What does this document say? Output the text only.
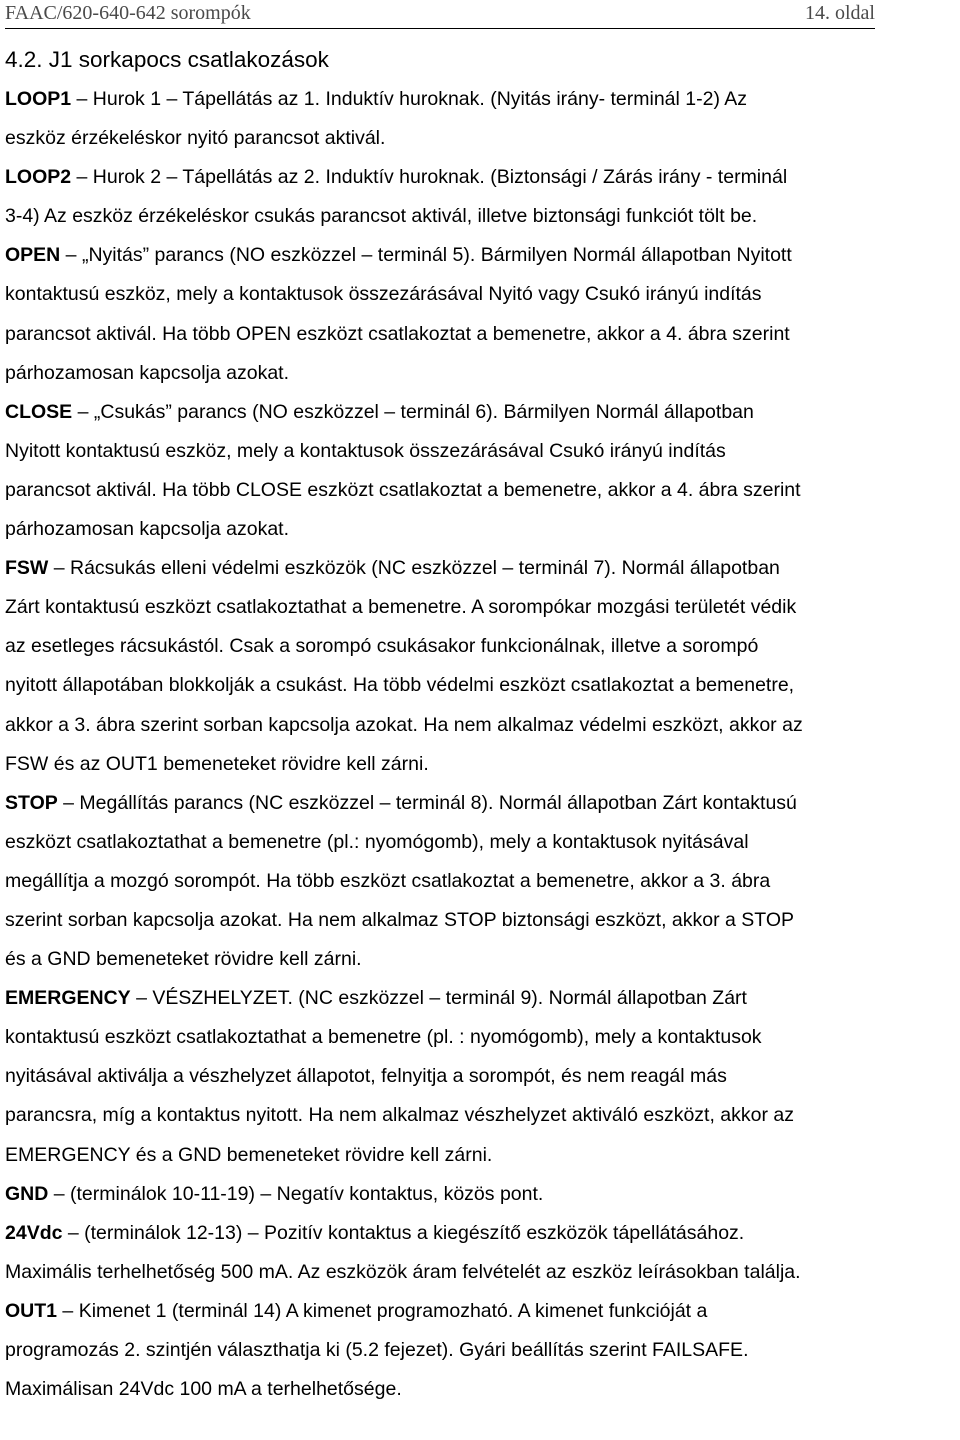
FAAC/620-640-642 sorompók	14. oldal
4.2. J1 sorkapocs csatlakozások
LOOP1 – Hurok 1 – Tápellátás az 1. Induktív huroknak. (Nyitás irány- terminál 1-2) Az
eszköz érzékeléskor nyitó parancsot aktivál.
LOOP2 – Hurok 2 – Tápellátás az 2. Induktív huroknak. (Biztonsági / Zárás irány - terminál
3-4) Az eszköz érzékeléskor csukás parancsot aktivál, illetve biztonsági funkciót tölt be.
OPEN – „Nyitás” parancs (NO eszközzel – terminál 5). Bármilyen Normál állapotban Nyitott
kontaktusú eszköz, mely a kontaktusok összezárásával Nyitó vagy Csukó irányú indítás
parancsot aktivál. Ha több OPEN eszközt csatlakoztat a bemenetre, akkor a 4. ábra szerint
párhozamosan kapcsolja azokat.
CLOSE – „Csukás” parancs (NO eszközzel – terminál 6). Bármilyen Normál állapotban
Nyitott kontaktusú eszköz, mely a kontaktusok összezárásával Csukó irányú indítás
parancsot aktivál. Ha több CLOSE eszközt csatlakoztat a bemenetre, akkor a 4. ábra szerint
párhozamosan kapcsolja azokat.
FSW – Rácsukás elleni védelmi eszközök (NC eszközzel – terminál 7). Normál állapotban
Zárt kontaktusú eszközt csatlakoztathat a bemenetre. A sorompókar mozgási területét védik
az esetleges rácsukástól. Csak a sorompó csukásakor funkcionálnak, illetve a sorompó
nyitott állapotában blokkolják a csukást. Ha több védelmi eszközt csatlakoztat a bemenetre,
akkor a 3. ábra szerint sorban kapcsolja azokat. Ha nem alkalmaz védelmi eszközt, akkor az
FSW és az OUT1 bemeneteket rövidre kell zárni.
STOP – Megállítás parancs (NC eszközzel – terminál 8). Normál állapotban Zárt kontaktusú
eszközt csatlakoztathat a bemenetre (pl.: nyomógomb), mely a kontaktusok nyitásával
megállítja a mozgó sorompót. Ha több eszközt csatlakoztat a bemenetre, akkor a 3. ábra
szerint sorban kapcsolja azokat. Ha nem alkalmaz STOP biztonsági eszközt, akkor a STOP
és a GND bemeneteket rövidre kell zárni.
EMERGENCY – VÉSZHELYZET. (NC eszközzel – terminál 9). Normál állapotban Zárt
kontaktusú eszközt csatlakoztathat a bemenetre (pl. : nyomógomb), mely a kontaktusok
nyitásával aktiválja a vészhelyzet állapotot, felnyitja a sorompót, és nem reagál más
parancsra, míg a kontaktus nyitott. Ha nem alkalmaz vészhelyzet aktiváló eszközt, akkor az
EMERGENCY és a GND bemeneteket rövidre kell zárni.
GND – (terminálok 10-11-19) – Negatív kontaktus, közös pont.
24Vdc – (terminálok 12-13) – Pozitív kontaktus a kiegészítő eszközök tápellátásához.
Maximális terhelhetőség 500 mA. Az eszközök áram felvételét az eszköz leírásokban találja.
OUT1 – Kimenet 1 (terminál 14) A kimenet programozható. A kimenet funkcióját a
programozás 2. szintjén választhatja ki (5.2 fejezet). Gyári beállítás szerint FAILSAFE.
Maximálisan 24Vdc 100 mA a terhelhetősége.
